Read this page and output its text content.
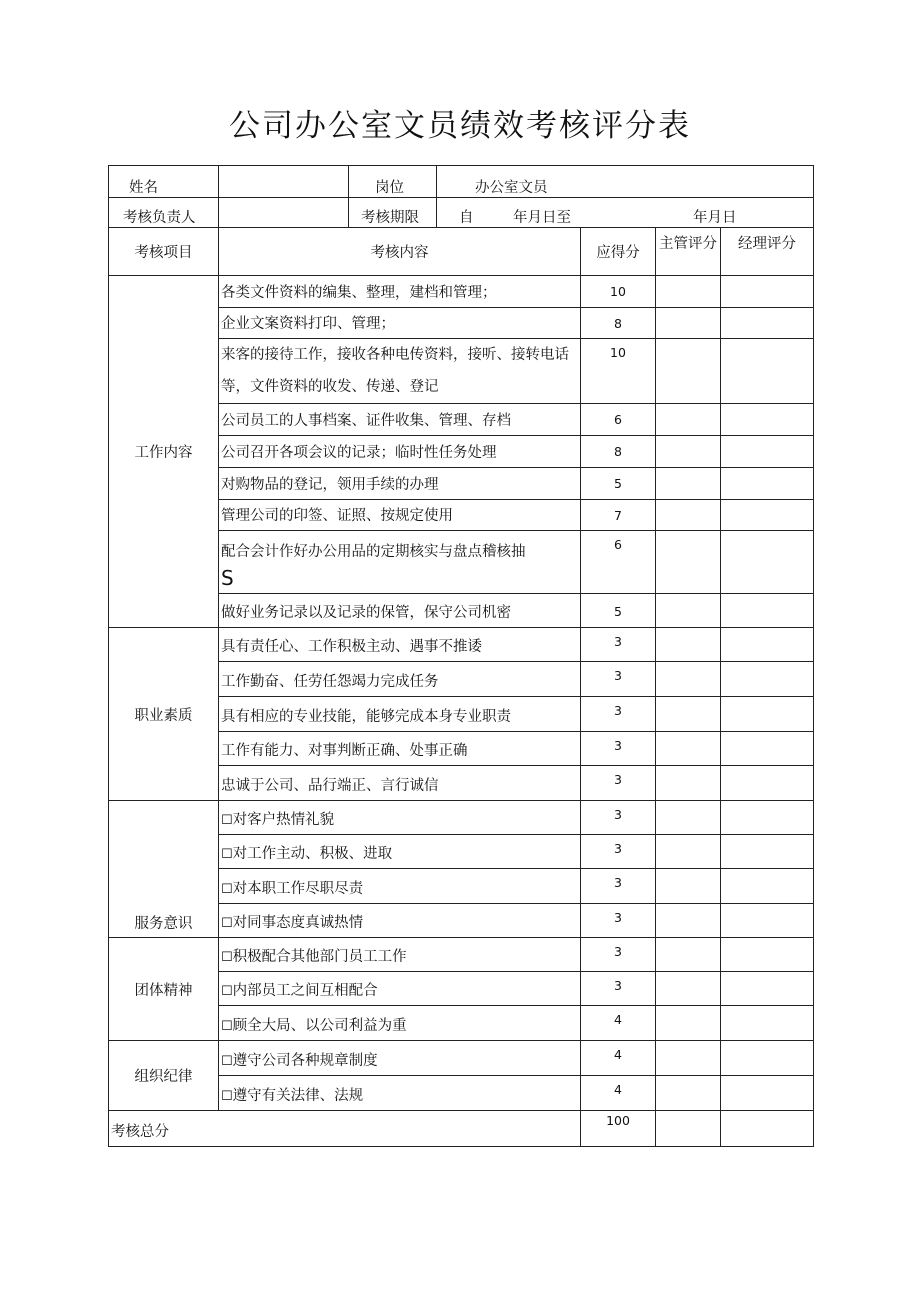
公司办公室文员绩效考核评分表
姓名		岗位	办公室文员			
考核负责人		考核期限	自 年月日至 年月日			
考核项目	考核内容			应得分	主管评分	经理评分
工作内容	各类文件资料的编集、整理，建档和管理；			10		

	企业文案资料打印、管理；			8		
	来客的接待工作，接收各种电传资料，接听、接转电话等，文件资料的收发、传递、登记			10		

	公司员工的人事档案、证件收集、管理、存档			6		

	公司召开各项会议的记录；临时性任务处理			8		

	对购物品的登记，领用手续的办理			5		

	管理公司的印签、证照、按规定使用			7		

	配合会计作好办公用品的定期核实与盘点稽核抽
S			6		

	做好业务记录以及记录的保管，保守公司机密			5		
职业素质	具有责任心、工作积极主动、遇事不推诿			3		

	工作勤奋、任劳任怨竭力完成任务			3		

	具有相应的专业技能，能够完成本身专业职责			3		

	工作有能力、对事判断正确、处事正确			3		

	忠诚于公司、品行端正、言行诚信			3		
服务意识	☐对客户热情礼貌			3		
	☐对工作主动、积极、进取			3		
	☐对本职工作尽职尽责			3		
	☐对同事态度真诚热情			3		
团体精神	☐积极配合其他部门员工工作			3		
	☐内部员工之间互相配合			3		
	☐顾全大局、以公司利益为重			4		
组织纪律	☐遵守公司各种规章制度			4		
	☐遵守有关法律、法规			4		
考核总分				100		
